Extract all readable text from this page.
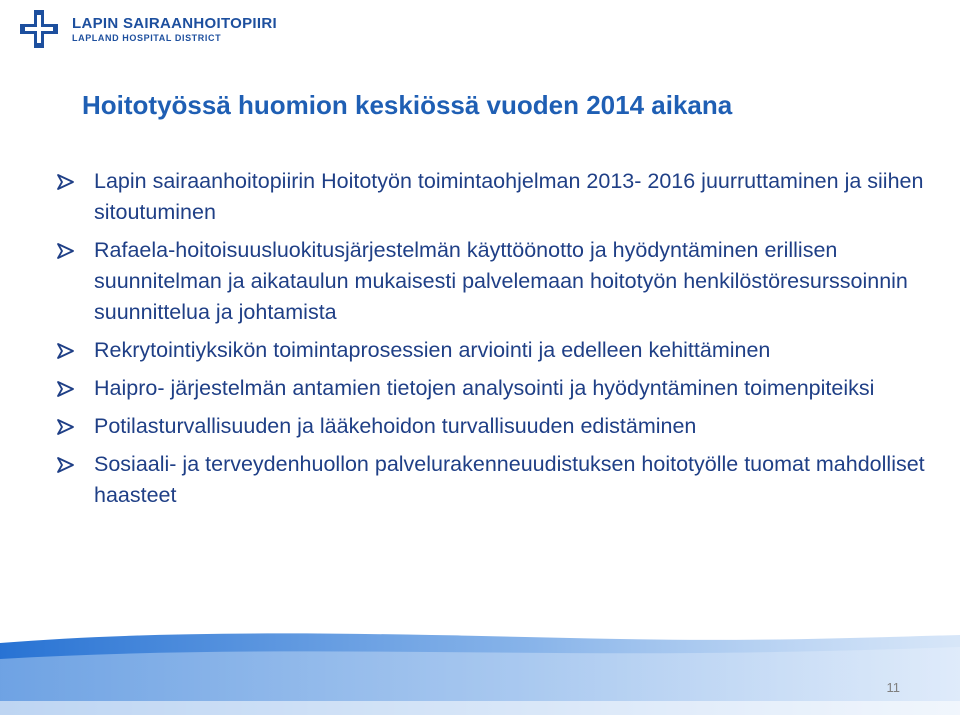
LAPIN SAIRAANHOITOPIIRI
LAPLAND HOSPITAL DISTRICT
Hoitotyössä huomion keskiössä vuoden 2014 aikana
Lapin sairaanhoitopiirin Hoitotyön toimintaohjelman 2013- 2016 juurruttaminen ja siihen sitoutuminen
Rafaela-hoitoisuusluokitusjärjestelmän käyttöönotto ja hyödyntäminen erillisen suunnitelman ja aikataulun mukaisesti palvelemaan hoitotyön henkilöstöresurssoinnin suunnittelua ja johtamista
Rekrytointiyksikön toimintaprosessien arviointi ja edelleen kehittäminen
Haipro- järjestelmän antamien tietojen analysointi ja hyödyntäminen toimenpiteiksi
Potilasturvallisuuden ja lääkehoidon turvallisuuden edistäminen
Sosiaali- ja terveydenhuollon palvelurakenneuudistuksen hoitotyölle tuomat mahdolliset haasteet
11
